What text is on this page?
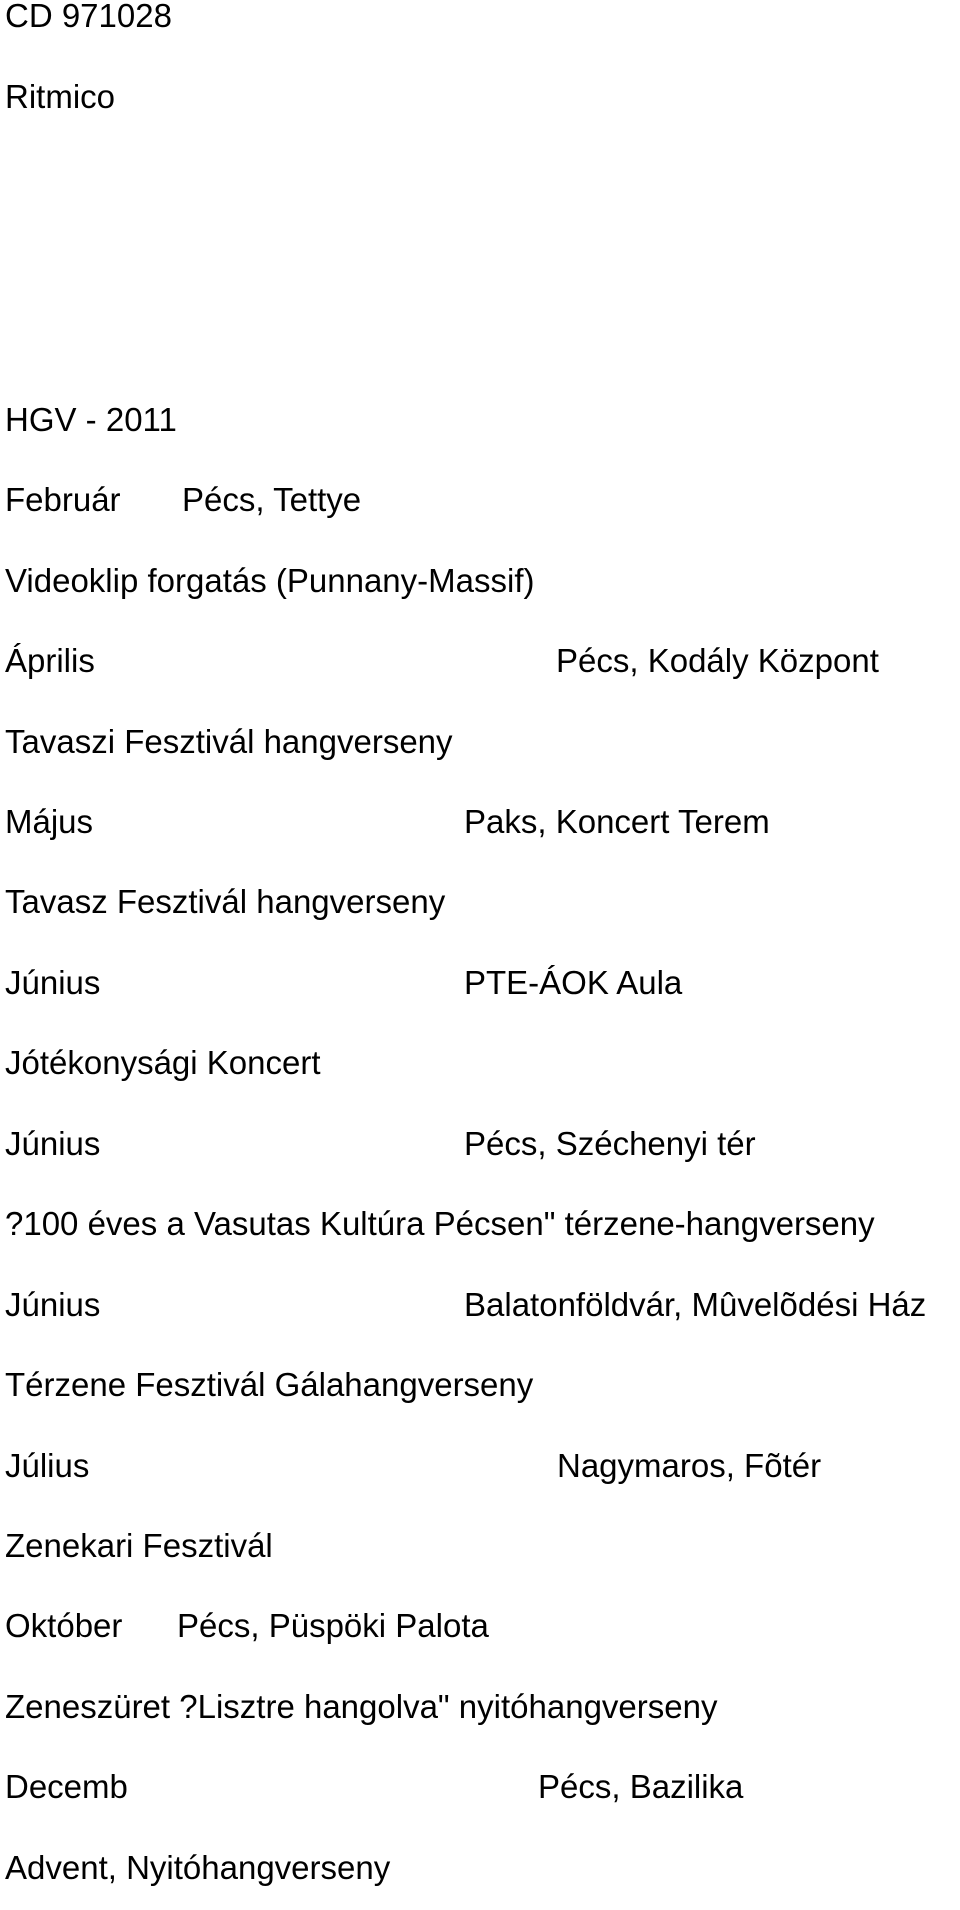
CD 971028
Ritmico
HGV - 2011
Február Pécs, Tettye
Videoklip forgatás (Punnany-Massif)
Április	Pécs, Kodály Központ
Tavaszi Fesztivál hangverseny
Május	Paks, Koncert Terem
Tavasz Fesztivál hangverseny
Június	PTE-ÁOK Aula
Jótékonysági Koncert
Június	Pécs, Széchenyi tér
?100 éves a Vasutas Kultúra Pécsen" térzene-hangverseny
Június	Balatonföldvár, Mûvelõdési Ház
Térzene Fesztivál Gálahangverseny
Július	Nagymaros, Fõtér
Zenekari Fesztivál
Október Pécs, Püspöki Palota
Zeneszüret ?Lisztre hangolva" nyitóhangverseny
Decemb	Pécs, Bazilika
Advent, Nyitóhangverseny
